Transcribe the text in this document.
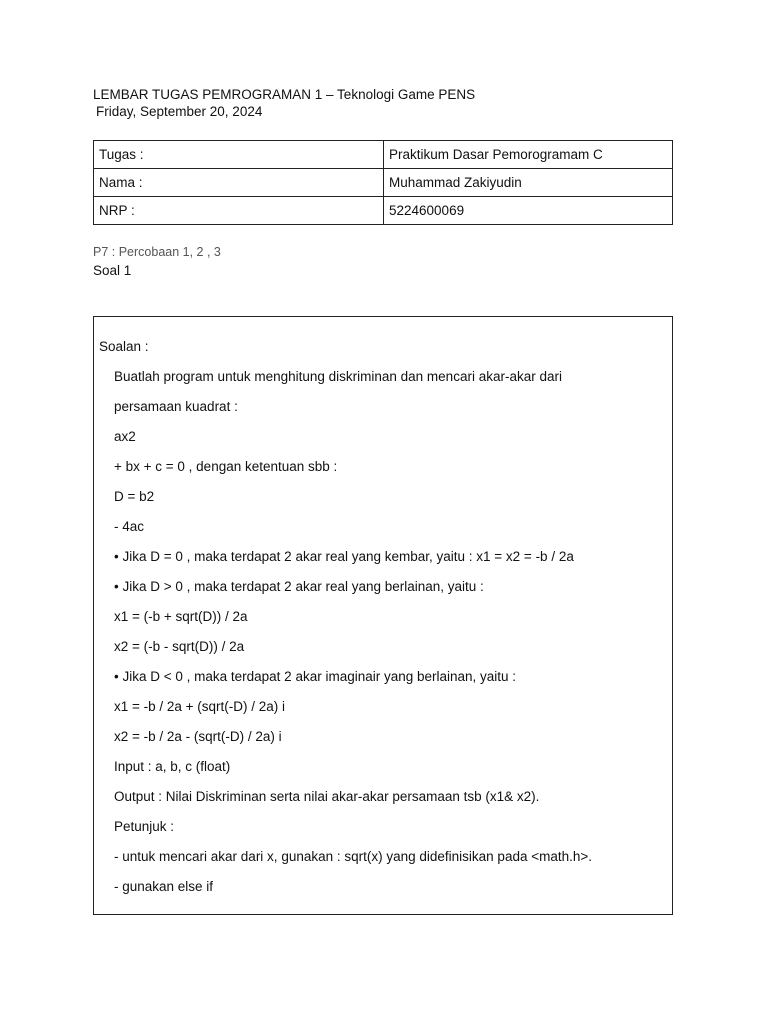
LEMBAR TUGAS PEMROGRAMAN 1 – Teknologi Game PENS
Friday, September 20, 2024
Tugas :	Praktikum Dasar Pemorogramam C
Nama :	Muhammad Zakiyudin
NRP :	5224600069
P7 : Percobaan 1, 2 , 3
Soal 1
Soalan :
Buatlah program untuk menghitung diskriminan dan mencari akar-akar dari
persamaan kuadrat :
ax2
+ bx + c = 0 , dengan ketentuan sbb :
D = b2
- 4ac
• Jika D = 0 , maka terdapat 2 akar real yang kembar, yaitu : x1 = x2 = -b / 2a
• Jika D > 0 , maka terdapat 2 akar real yang berlainan, yaitu :
x1 = (-b + sqrt(D)) / 2a
x2 = (-b - sqrt(D)) / 2a
• Jika D < 0 , maka terdapat 2 akar imaginair yang berlainan, yaitu :
x1 = -b / 2a + (sqrt(-D) / 2a) i
x2 = -b / 2a - (sqrt(-D) / 2a) i
Input : a, b, c (float)
Output : Nilai Diskriminan serta nilai akar-akar persamaan tsb (x1& x2).
Petunjuk :
- untuk mencari akar dari x, gunakan : sqrt(x) yang didefinisikan pada <math.h>.
- gunakan else if
